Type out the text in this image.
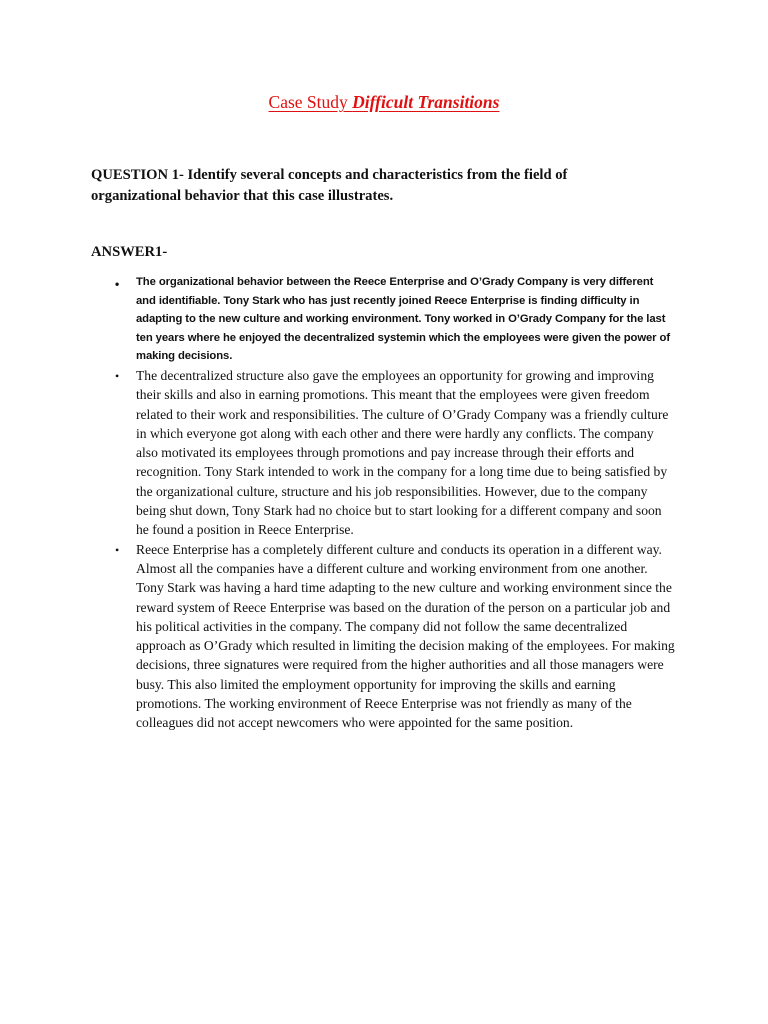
Case Study Difficult Transitions
QUESTION 1- Identify several concepts and characteristics from the field of organizational behavior that this case illustrates.
ANSWER1-
• The organizational behavior between the Reece Enterprise and O’Grady Company is very different and identifiable. Tony Stark who has just recently joined Reece Enterprise is finding difficulty in adapting to the new culture and working environment. Tony worked in O’Grady Company for the last ten years where he enjoyed the decentralized systemin which the employees were given the power of making decisions.
• The decentralized structure also gave the employees an opportunity for growing and improving their skills and also in earning promotions. This meant that the employees were given freedom related to their work and responsibilities. The culture of O’Grady Company was a friendly culture in which everyone got along with each other and there were hardly any conflicts. The company also motivated its employees through promotions and pay increase through their efforts and recognition. Tony Stark intended to work in the company for a long time due to being satisfied by the organizational culture, structure and his job responsibilities. However, due to the company being shut down, Tony Stark had no choice but to start looking for a different company and soon he found a position in Reece Enterprise.
• Reece Enterprise has a completely different culture and conducts its operation in a different way. Almost all the companies have a different culture and working environment from one another. Tony Stark was having a hard time adapting to the new culture and working environment since the reward system of Reece Enterprise was based on the duration of the person on a particular job and his political activities in the company. The company did not follow the same decentralized approach as O’Grady which resulted in limiting the decision making of the employees. For making decisions, three signatures were required from the higher authorities and all those managers were busy. This also limited the employment opportunity for improving the skills and earning promotions. The working environment of Reece Enterprise was not friendly as many of the colleagues did not accept newcomers who were appointed for the same position.
